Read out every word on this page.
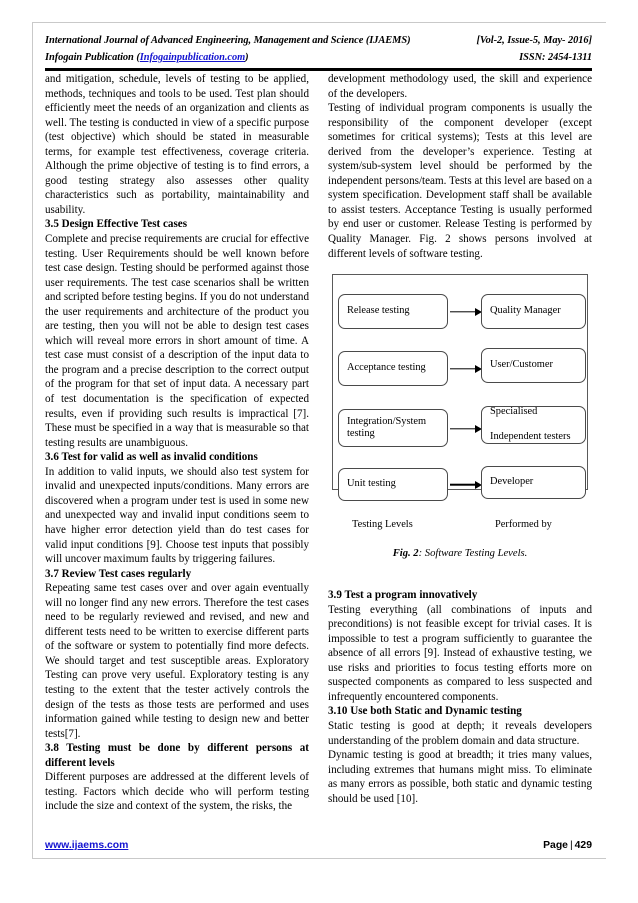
International Journal of Advanced Engineering, Management and Science (IJAEMS)	[Vol-2, Issue-5, May- 2016]
Infogain Publication (Infogainpublication.com)	ISSN: 2454-1311

and mitigation, schedule, levels of testing to be applied, methods, techniques and tools to be used. Test plan should efficiently meet the needs of an organization and clients as well. The testing is conducted in view of a specific purpose (test objective) which should be stated in measurable terms, for example test effectiveness, coverage criteria. Although the prime objective of testing is to find errors, a good testing strategy also assesses other quality characteristics such as portability, maintainability and usability.

3.5 Design Effective Test cases

Complete and precise requirements are crucial for effective testing. User Requirements should be well known before test case design. Testing should be performed against those user requirements. The test case scenarios shall be written and scripted before testing begins. If you do not understand the user requirements and architecture of the product you are testing, then you will not be able to design test cases which will reveal more errors in short amount of time. A test case must consist of a description of the input data to the program and a precise description to the correct output of the program for that set of input data. A necessary part of test documentation is the specification of expected results, even if providing such results is impractical [7]. These must be specified in a way that is measurable so that testing results are unambiguous.

3.6 Test for valid as well as invalid conditions

In addition to valid inputs, we should also test system for invalid and unexpected inputs/conditions. Many errors are discovered when a program under test is used in some new and unexpected way and invalid input conditions seem to have higher error detection yield than do test cases for valid input conditions [9]. Choose test inputs that possibly will uncover maximum faults by triggering failures.

3.7 Review Test cases regularly

Repeating same test cases over and over again eventually will no longer find any new errors. Therefore the test cases need to be regularly reviewed and revised, and new and different tests need to be written to exercise different parts of the software or system to potentially find more defects. We should target and test susceptible areas. Exploratory Testing can prove very useful. Exploratory testing is any testing to the extent that the tester actively controls the design of the tests as those tests are performed and uses information gained while testing to design new and better tests[7].

3.8 Testing must be done by different persons at different levels

Different purposes are addressed at the different levels of testing. Factors which decide who will perform testing include the size and context of the system, the risks, the

development methodology used, the skill and experience of the developers.

Testing of individual program components is usually the responsibility of the component developer (except sometimes for critical systems); Tests at this level are derived from the developer’s experience. Testing at system/sub-system level should be performed by the independent persons/team. Tests at this level are based on a system specification. Development staff shall be available to assist testers. Acceptance Testing is usually performed by end user or customer. Release Testing is performed by Quality Manager. Fig. 2 shows persons involved at different levels of software testing.

Release testing	Quality Manager
Acceptance testing	User/Customer
Integration/System testing
Specialised

Independent testers
Unit testing	Developer
Testing Levels	Performed by
Fig. 2: Software Testing Levels.

3.9 Test a program innovatively

Testing everything (all combinations of inputs and preconditions) is not feasible except for trivial cases. It is impossible to test a program sufficiently to guarantee the absence of all errors [9]. Instead of exhaustive testing, we use risks and priorities to focus testing efforts more on suspected components as compared to less suspected and infrequently encountered components.

3.10 Use both Static and Dynamic testing

Static testing is good at depth; it reveals developers understanding of the problem domain and data structure.

Dynamic testing is good at breadth; it tries many values, including extremes that humans might miss. To eliminate as many errors as possible, both static and dynamic testing should be used [10].

www.ijaems.com	Page | 429
